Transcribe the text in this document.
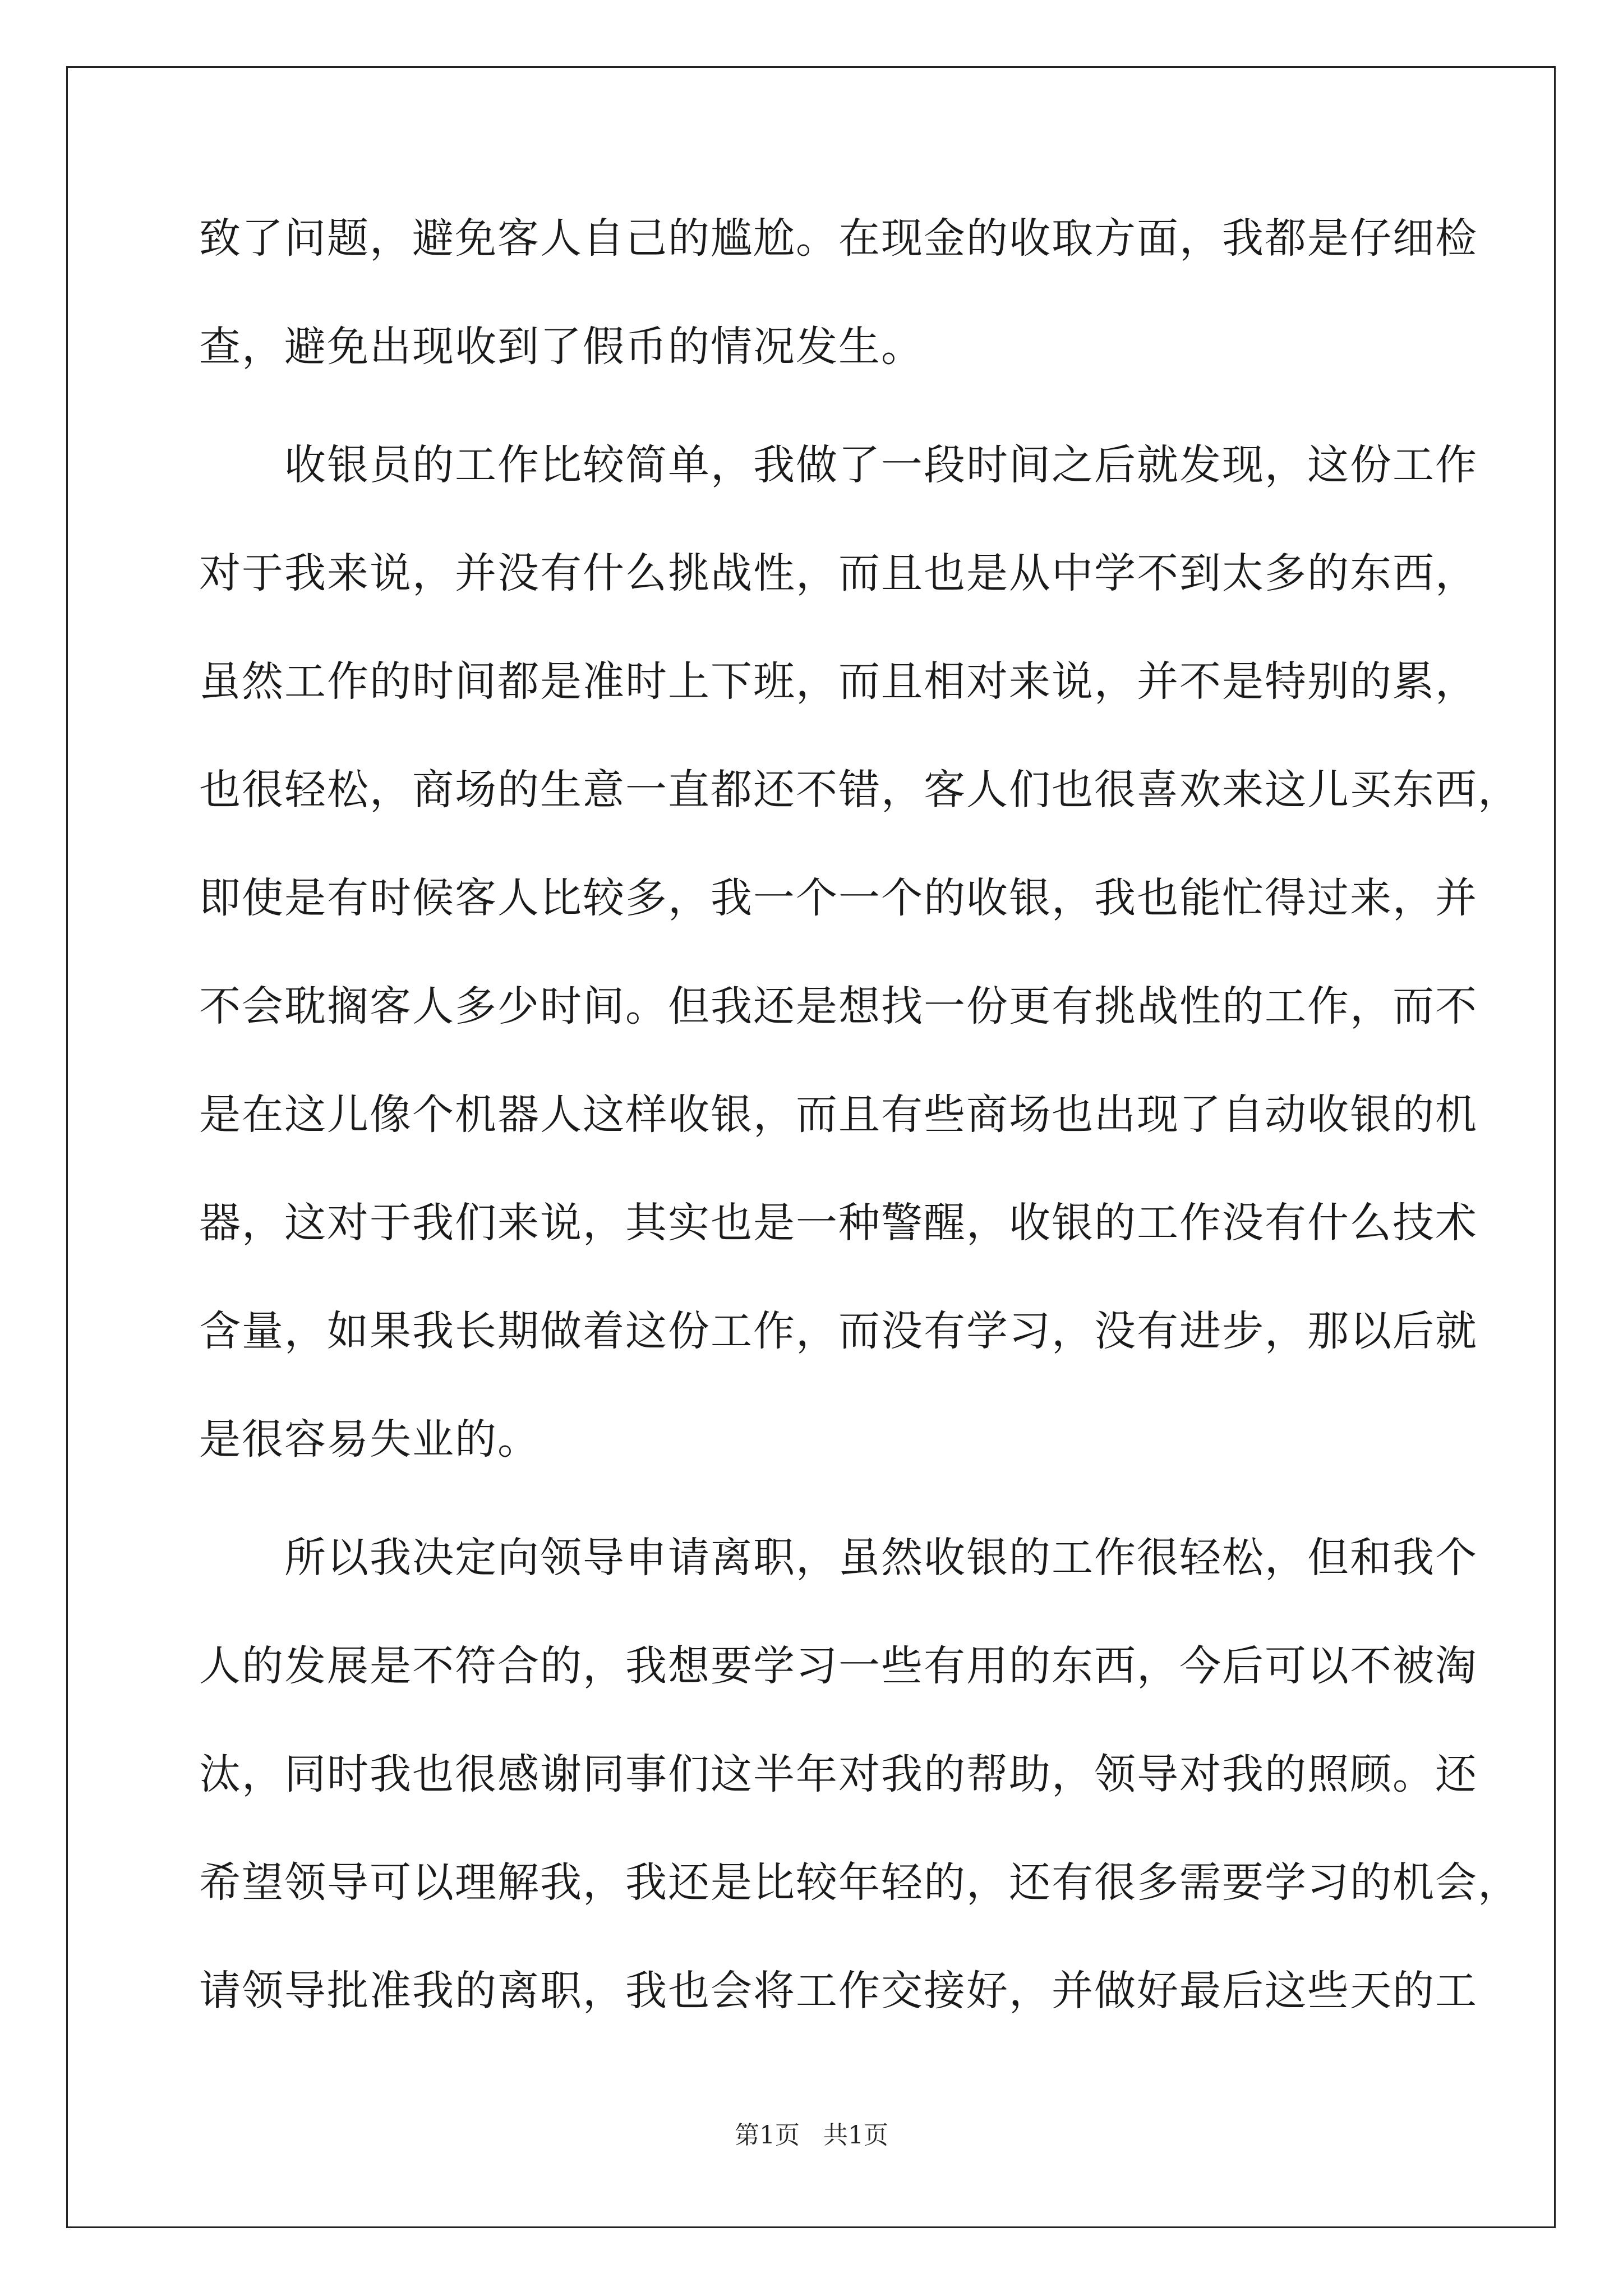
致了问题，避免客人自己的尴尬。在现金的收取方面，我都是仔细检
查，避免出现收到了假币的情况发生。
　　收银员的工作比较简单，我做了一段时间之后就发现，这份工作
对于我来说，并没有什么挑战性，而且也是从中学不到太多的东西，
虽然工作的时间都是准时上下班，而且相对来说，并不是特别的累，
也很轻松，商场的生意一直都还不错，客人们也很喜欢来这儿买东西，
即使是有时候客人比较多，我一个一个的收银，我也能忙得过来，并
不会耽搁客人多少时间。但我还是想找一份更有挑战性的工作，而不
是在这儿像个机器人这样收银，而且有些商场也出现了自动收银的机
器，这对于我们来说，其实也是一种警醒，收银的工作没有什么技术
含量，如果我长期做着这份工作，而没有学习，没有进步，那以后就
是很容易失业的。
　　所以我决定向领导申请离职，虽然收银的工作很轻松，但和我个
人的发展是不符合的，我想要学习一些有用的东西，今后可以不被淘
汰，同时我也很感谢同事们这半年对我的帮助，领导对我的照顾。还
希望领导可以理解我，我还是比较年轻的，还有很多需要学习的机会，
请领导批准我的离职，我也会将工作交接好，并做好最后这些天的工
第1页   共1页
